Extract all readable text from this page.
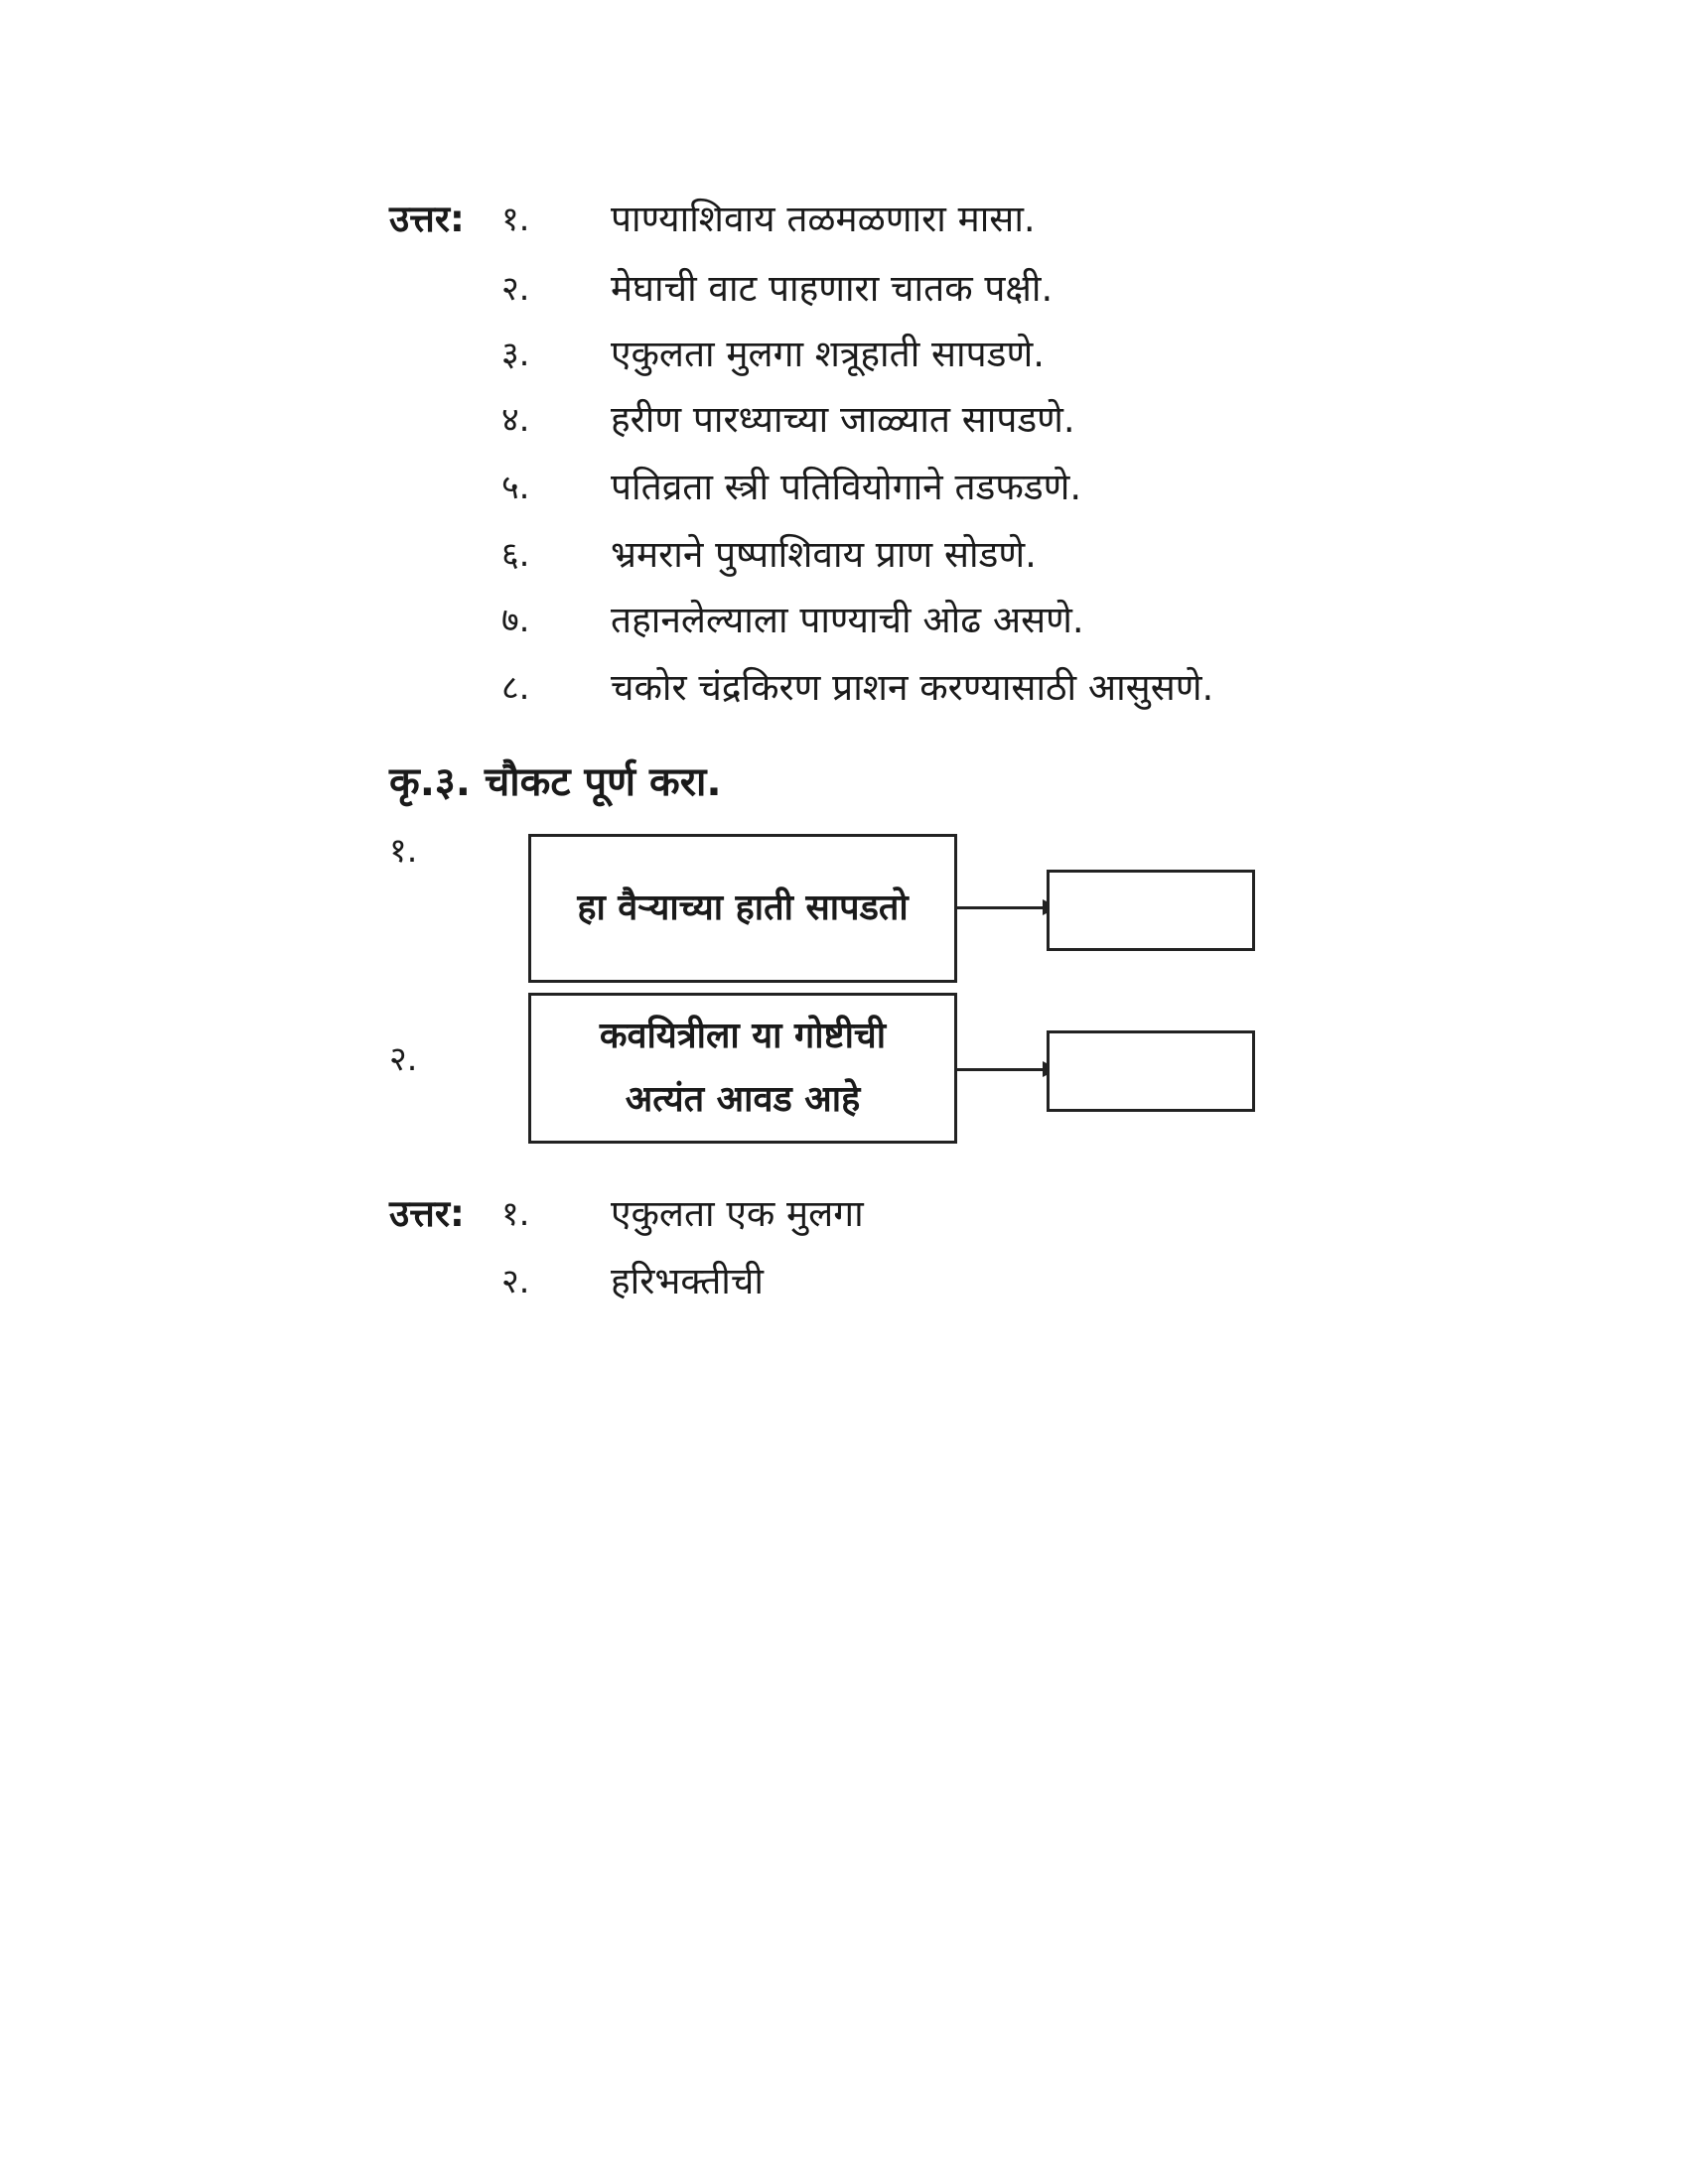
उत्तर: १. पाण्याशिवाय तळमळणारा मासा.
२. मेघाची वाट पाहणारा चातक पक्षी.
३. एकुलता मुलगा शत्रूहाती सापडणे.
४. हरीण पारध्याच्या जाळ्यात सापडणे.
५. पतिव्रता स्त्री पतिवियोगाने तडफडणे.
६. भ्रमराने पुष्पाशिवाय प्राण सोडणे.
७. तहानलेल्याला पाण्याची ओढ असणे.
८. चकोर चंद्रकिरण प्राशन करण्यासाठी आसुसणे.
कृ.३. चौकट पूर्ण करा.
१.
हा वैऱ्याच्या हाती सापडतो
२.
कवयित्रीला या गोष्टीची
अत्यंत आवड आहे
उत्तर: १. एकुलता एक मुलगा
२. हरिभक्तीची
